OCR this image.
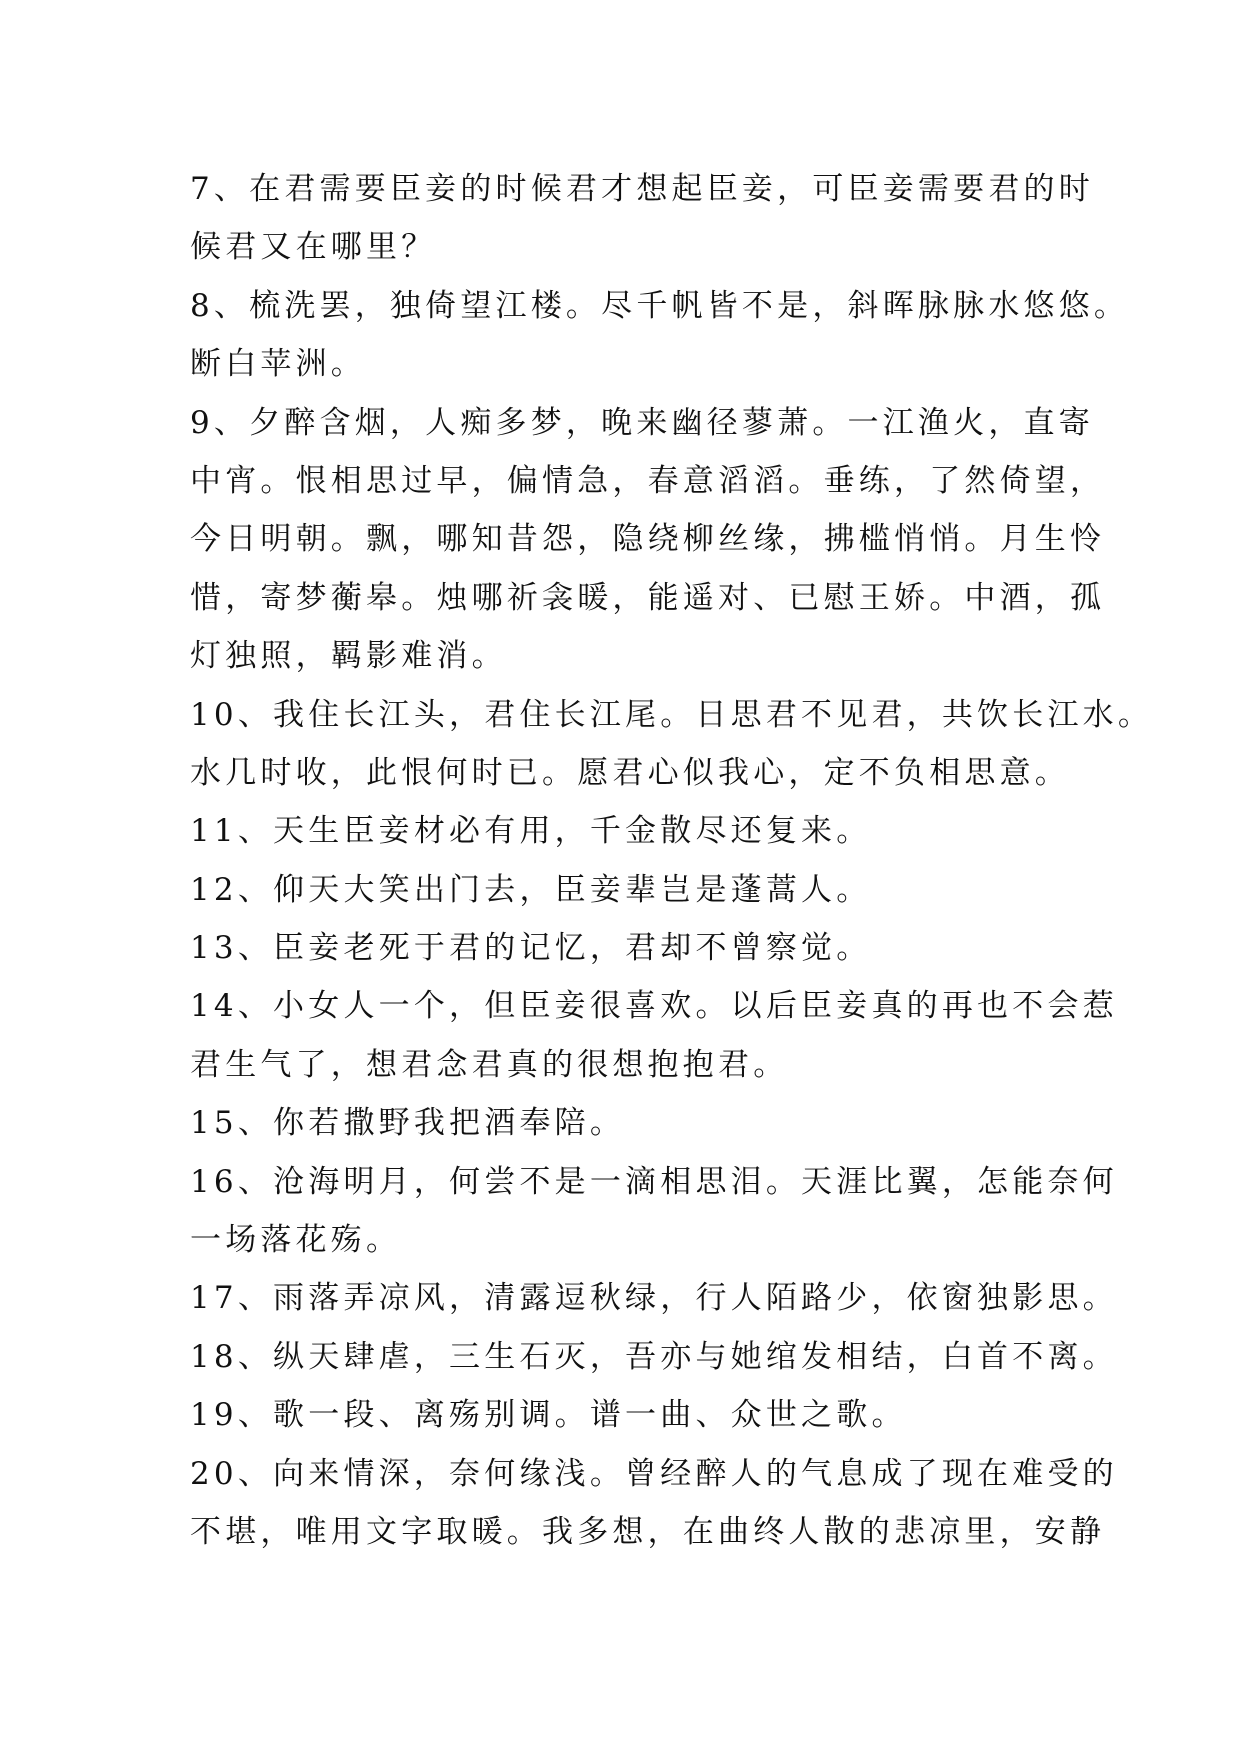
7、在君需要臣妾的时候君才想起臣妾，可臣妾需要君的时
候君又在哪里？
8、梳洗罢，独倚望江楼。尽千帆皆不是，斜晖脉脉水悠悠。
断白苹洲。
9、夕醉含烟，人痴多梦，晚来幽径蓼萧。一江渔火，直寄
中宵。恨相思过早，偏情急，春意滔滔。垂练，了然倚望，
今日明朝。飘，哪知昔怨，隐绕柳丝缘，拂槛悄悄。月生怜
惜，寄梦蘅皋。烛哪祈衾暖，能遥对、已慰王娇。中酒，孤
灯独照，羁影难消。
10、我住长江头，君住长江尾。日思君不见君，共饮长江水。
水几时收，此恨何时已。愿君心似我心，定不负相思意。
11、天生臣妾材必有用，千金散尽还复来。
12、仰天大笑出门去，臣妾辈岂是蓬蒿人。
13、臣妾老死于君的记忆，君却不曾察觉。
14、小女人一个，但臣妾很喜欢。以后臣妾真的再也不会惹
君生气了，想君念君真的很想抱抱君。
15、你若撒野我把酒奉陪。
16、沧海明月，何尝不是一滴相思泪。天涯比翼，怎能奈何
一场落花殇。
17、雨落弄凉风，清露逗秋绿，行人陌路少，依窗独影思。
18、纵天肆虐，三生石灭，吾亦与她绾发相结，白首不离。
19、歌一段、离殇别调。谱一曲、众世之歌。
20、向来情深，奈何缘浅。曾经醉人的气息成了现在难受的
不堪，唯用文字取暖。我多想，在曲终人散的悲凉里，安静
